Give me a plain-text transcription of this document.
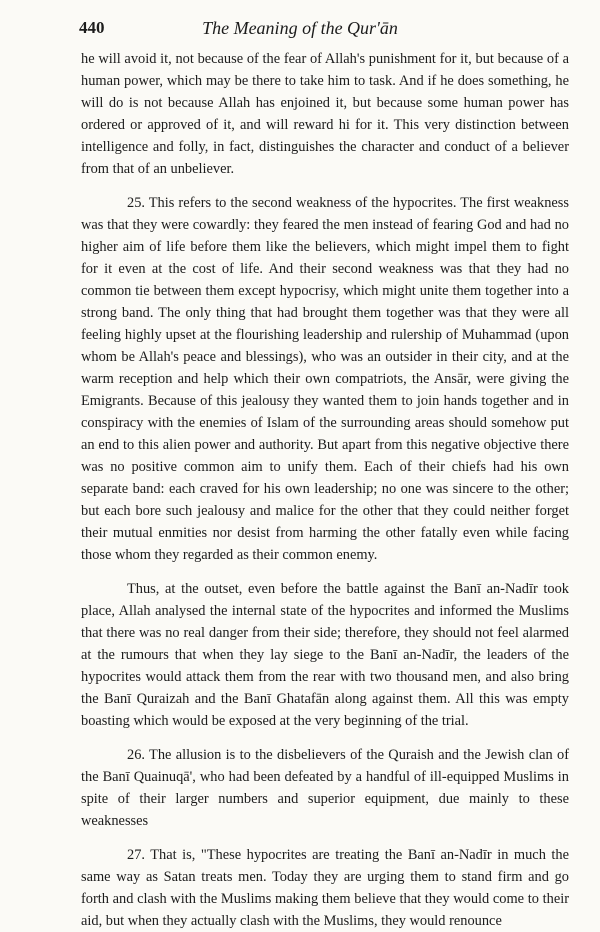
440	The Meaning of the Qur'ān

he will avoid it, not because of the fear of Allah's punishment for it, but because of a human power, which may be there to take him to task. And if he does something, he will do is not because Allah has enjoined it, but because some human power has ordered or approved of it, and will reward hi for it. This very distinction between intelligence and folly, in fact, distinguishes the character and conduct of a believer from that of an unbeliever.

25. This refers to the second weakness of the hypocrites. The first weakness was that they were cowardly: they feared the men instead of fearing God and had no higher aim of life before them like the believers, which might impel them to fight for it even at the cost of life. And their second weakness was that they had no common tie between them except hypocrisy, which might unite them together into a strong band. The only thing that had brought them together was that they were all feeling highly upset at the flourishing leadership and rulership of Muhammad (upon whom be Allah's peace and blessings), who was an outsider in their city, and at the warm reception and help which their own compatriots, the Ansār, were giving the Emigrants. Because of this jealousy they wanted them to join hands together and in conspiracy with the enemies of Islam of the surrounding areas should somehow put an end to this alien power and authority. But apart from this negative objective there was no positive common aim to unify them. Each of their chiefs had his own separate band: each craved for his own leadership; no one was sincere to the other; but each bore such jealousy and malice for the other that they could neither forget their mutual enmities nor desist from harming the other fatally even while facing those whom they regarded as their common enemy.

Thus, at the outset, even before the battle against the Banī an-Nadīr took place, Allah analysed the internal state of the hypocrites and informed the Muslims that there was no real danger from their side; therefore, they should not feel alarmed at the rumours that when they lay siege to the Banī an-Nadīr, the leaders of the hypocrites would attack them from the rear with two thousand men, and also bring the Banī Quraizah and the Banī Ghatafān along against them. All this was empty boasting which would be exposed at the very beginning of the trial.

26. The allusion is to the disbelievers of the Quraish and the Jewish clan of the Banī Quainuqā', who had been defeated by a handful of ill-equipped Muslims in spite of their larger numbers and superior equipment, due mainly to these weaknesses

27. That is, "These hypocrites are treating the Banī an-Nadīr in much the same way as Satan treats men. Today they are urging them to stand firm and go forth and clash with the Muslims making them believe that they would come to their aid, but when they actually clash with the Muslims, they would renounce
